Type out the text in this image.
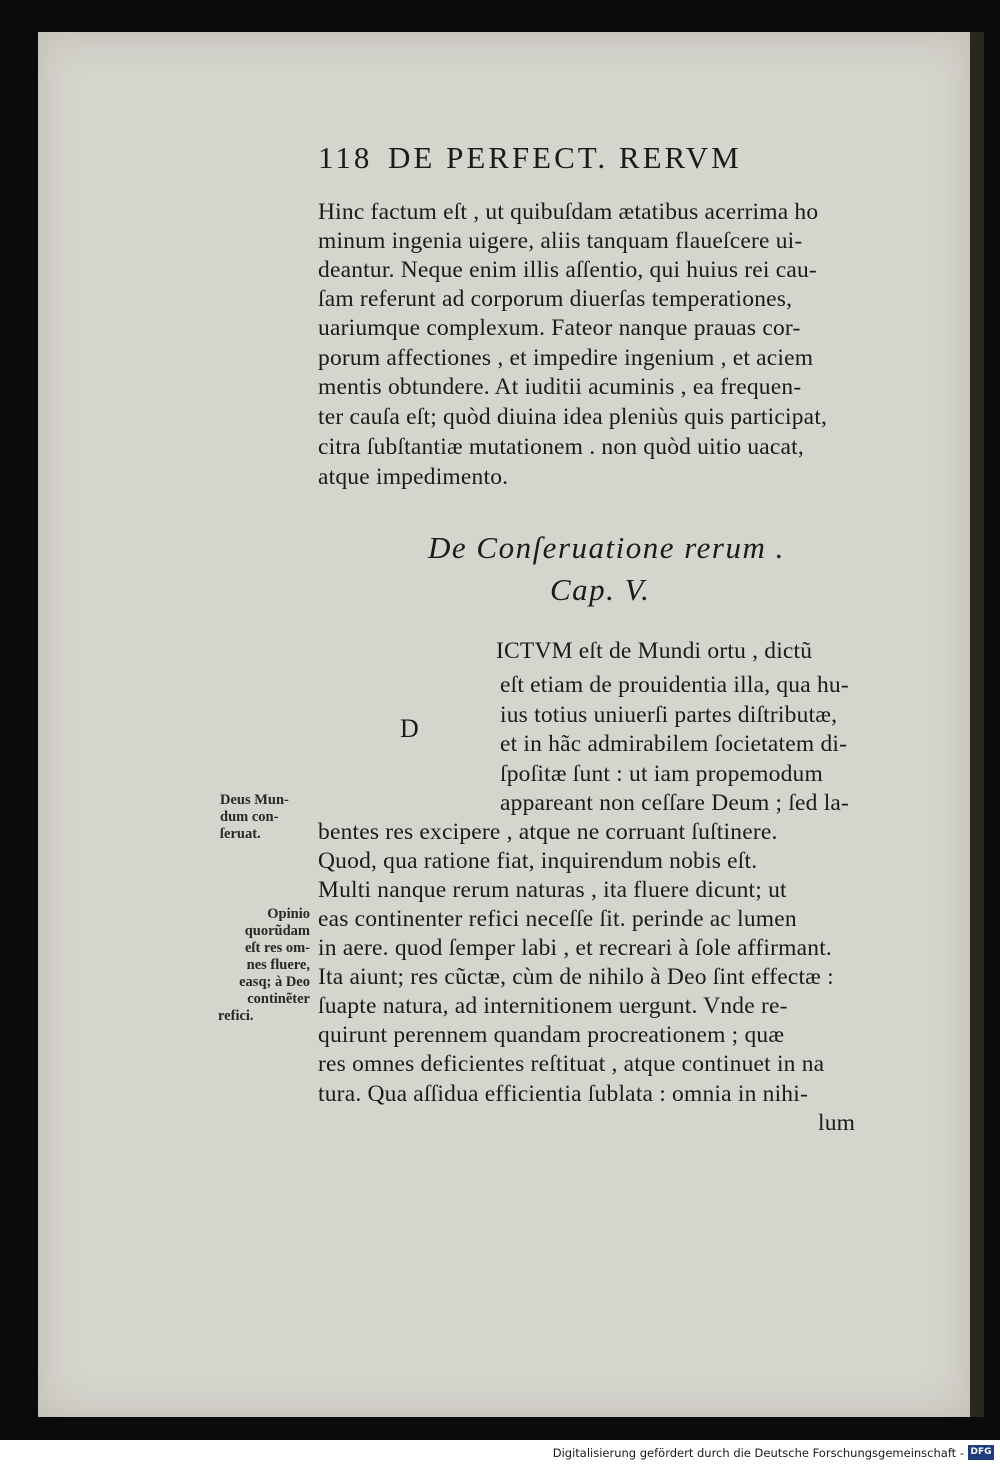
118 DE PERFECT. RERVM
Hinc factum eſt , ut quibuſdam ætatibus acerrima ho
minum ingenia uigere, aliis tanquam flaueſcere ui-
deantur. Neque enim illis aſſentio, qui huius rei cau-
ſam referunt ad corporum diuerſas temperationes,
uariumque complexum. Fateor nanque prauas cor-
porum affectiones , et impedire ingenium , et aciem
mentis obtundere. At iuditii acuminis , ea frequen-
ter cauſa eſt; quòd diuina idea pleniùs quis participat,
citra ſubſtantiæ mutationem . non quòd uitio uacat,
atque impedimento.
De Conſeruatione rerum .
Cap. V.
D
ICTVM eſt de Mundi ortu , dictũ
eſt etiam de prouidentia illa, qua hu-
ius totius uniuerſi partes diſtributæ,
et in hãc admirabilem ſocietatem di-
ſpoſitæ ſunt : ut iam propemodum
appareant non ceſſare Deum ; ſed la-
bentes res excipere , atque ne corruant ſuſtinere.
Quod, qua ratione fiat, inquirendum nobis eſt.
Multi nanque rerum naturas , ita fluere dicunt; ut
eas continenter refici neceſſe ſit. perinde ac lumen
in aere. quod ſemper labi , et recreari à ſole affirmant.
Ita aiunt; res cũctæ, cùm de nihilo à Deo ſint effectæ :
ſuapte natura, ad internitionem uergunt. Vnde re-
quirunt perennem quandam procreationem ; quæ
res omnes deficientes reſtituat , atque continuet in na
tura. Qua aſſidua efficientia ſublata : omnia in nihi-
lum
Deus Mun-
dum con-
ſeruat.
Opinio
quorũdam
eſt res om-
nes fluere,
easq; à Deo
continẽter
refici.
Digitalisierung gefördert durch die Deutsche Forschungsgemeinschaft - DFG
